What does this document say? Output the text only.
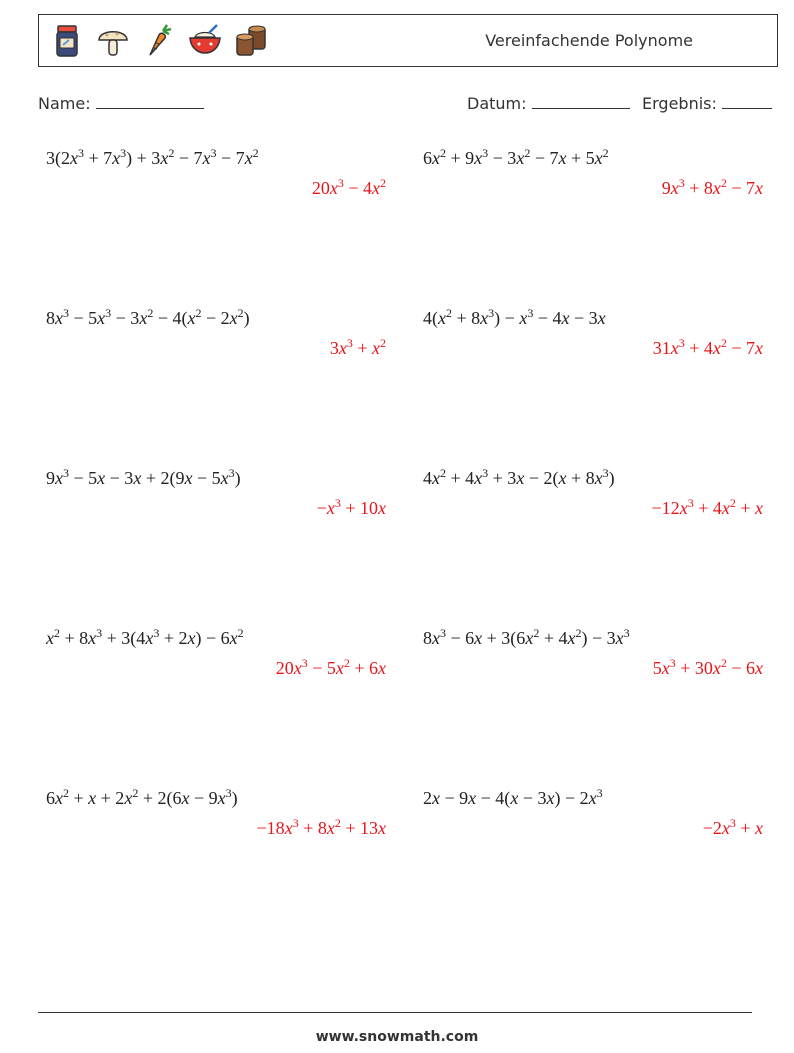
Vereinfachende Polynome
Name:	Datum:	Ergebnis:
$3(2x^3 + 7x^3) + 3x^2 - 7x^3 - 7x^2$
$20x^3 - 4x^2$
$6x^2 + 9x^3 - 3x^2 - 7x + 5x^2$
$9x^3 + 8x^2 - 7x$
$8x^3 - 5x^3 - 3x^2 - 4(x^2 - 2x^2)$
$3x^3 + x^2$
$4(x^2 + 8x^3) - x^3 - 4x - 3x$
$31x^3 + 4x^2 - 7x$
$9x^3 - 5x - 3x + 2(9x - 5x^3)$
$-x^3 + 10x$
$4x^2 + 4x^3 + 3x - 2(x + 8x^3)$
$-12x^3 + 4x^2 + x$
$x^2 + 8x^3 + 3(4x^3 + 2x) - 6x^2$
$20x^3 - 5x^2 + 6x$
$8x^3 - 6x + 3(6x^2 + 4x^2) - 3x^3$
$5x^3 + 30x^2 - 6x$
$6x^2 + x + 2x^2 + 2(6x - 9x^3)$
$-18x^3 + 8x^2 + 13x$
$2x - 9x - 4(x - 3x) - 2x^3$
$-2x^3 + x$
www.snowmath.com
